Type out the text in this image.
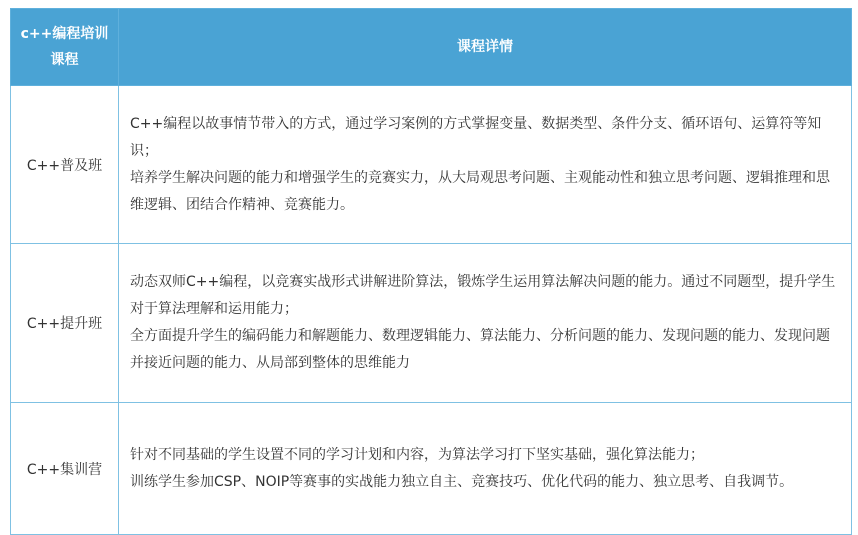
c++编程培训课程	课程详情
C++普及班	C++编程以故事情节带入的方式，通过学习案例的方式掌握变量、数据类型、条件分支、循环语句、运算符等知识；
培养学生解决问题的能力和增强学生的竞赛实力，从大局观思考问题、主观能动性和独立思考问题、逻辑推理和思维逻辑、团结合作精神、竞赛能力。

C++提升班	动态双师C++编程，以竞赛实战形式讲解进阶算法，锻炼学生运用算法解决问题的能力。通过不同题型，提升学生对于算法理解和运用能力；
全方面提升学生的编码能力和解题能力、数理逻辑能力、算法能力、分析问题的能力、发现问题的能力、发现问题并接近问题的能力、从局部到整体的思维能力

C++集训营	针对不同基础的学生设置不同的学习计划和内容，为算法学习打下坚实基础，强化算法能力；
训练学生参加CSP、NOIP等赛事的实战能力独立自主、竞赛技巧、优化代码的能力、独立思考、自我调节。
